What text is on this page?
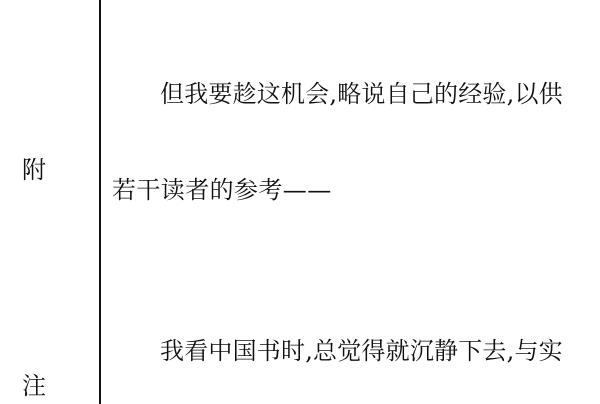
附
注

但我要趁这机会,略说自己的经验,以供

若干读者的参考——

我看中国书时,总觉得就沉静下去,与实
